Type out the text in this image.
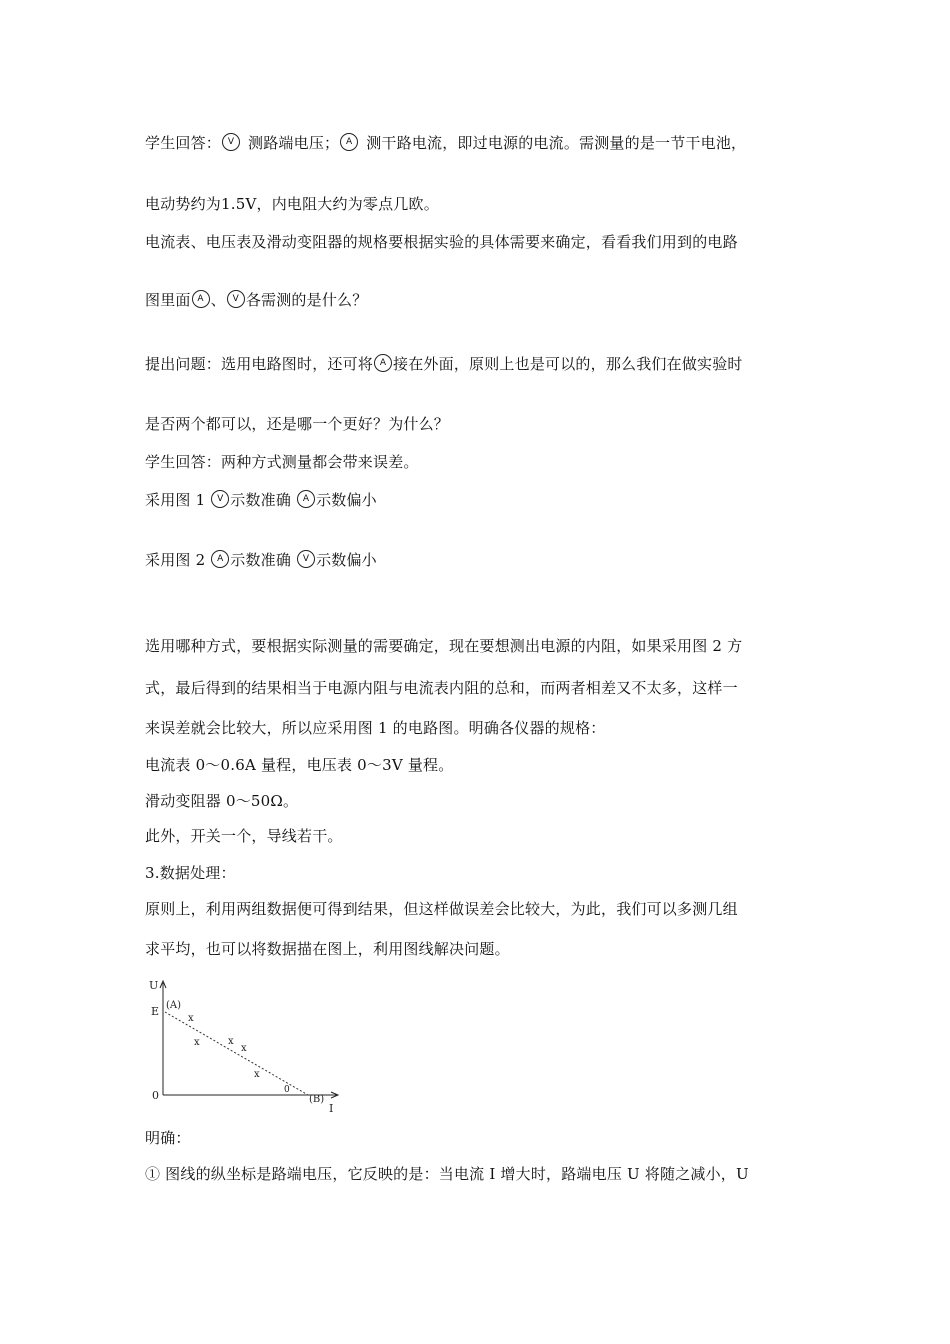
学生回答： V 测路端电压； A 测干路电流，即过电源的电流。需测量的是一节干电池，
电动势约为1.5V，内电阻大约为零点几欧。
电流表、电压表及滑动变阻器的规格要根据实验的具体需要来确定，看看我们用到的电路
图里面 A 、 V 各需测的是什么？
提出问题：选用电路图时，还可将 A 接在外面，原则上也是可以的，那么我们在做实验时
是否两个都可以，还是哪一个更好？为什么？
学生回答：两种方式测量都会带来误差。
采用图 1 V 示数准确 A 示数偏小
采用图 2 A 示数准确 V 示数偏小
选用哪种方式，要根据实际测量的需要确定，现在要想测出电源的内阻，如果采用图 2 方
式，最后得到的结果相当于电源内阻与电流表内阻的总和，而两者相差又不太多，这样一
来误差就会比较大，所以应采用图 1 的电路图。明确各仪器的规格：
电流表 0～0.6A 量程，电压表 0～3V 量程。
滑动变阻器 0～50Ω。
此外，开关一个，导线若干。
3.数据处理：
原则上，利用两组数据便可得到结果，但这样做误差会比较大，为此，我们可以多测几组
求平均，也可以将数据描在图上，利用图线解决问题。
U
E
0
I
(A)
(B)
x
x	x
x
x
0
明确：
① 图线的纵坐标是路端电压，它反映的是：当电流 I 增大时，路端电压 U 将随之减小，U
